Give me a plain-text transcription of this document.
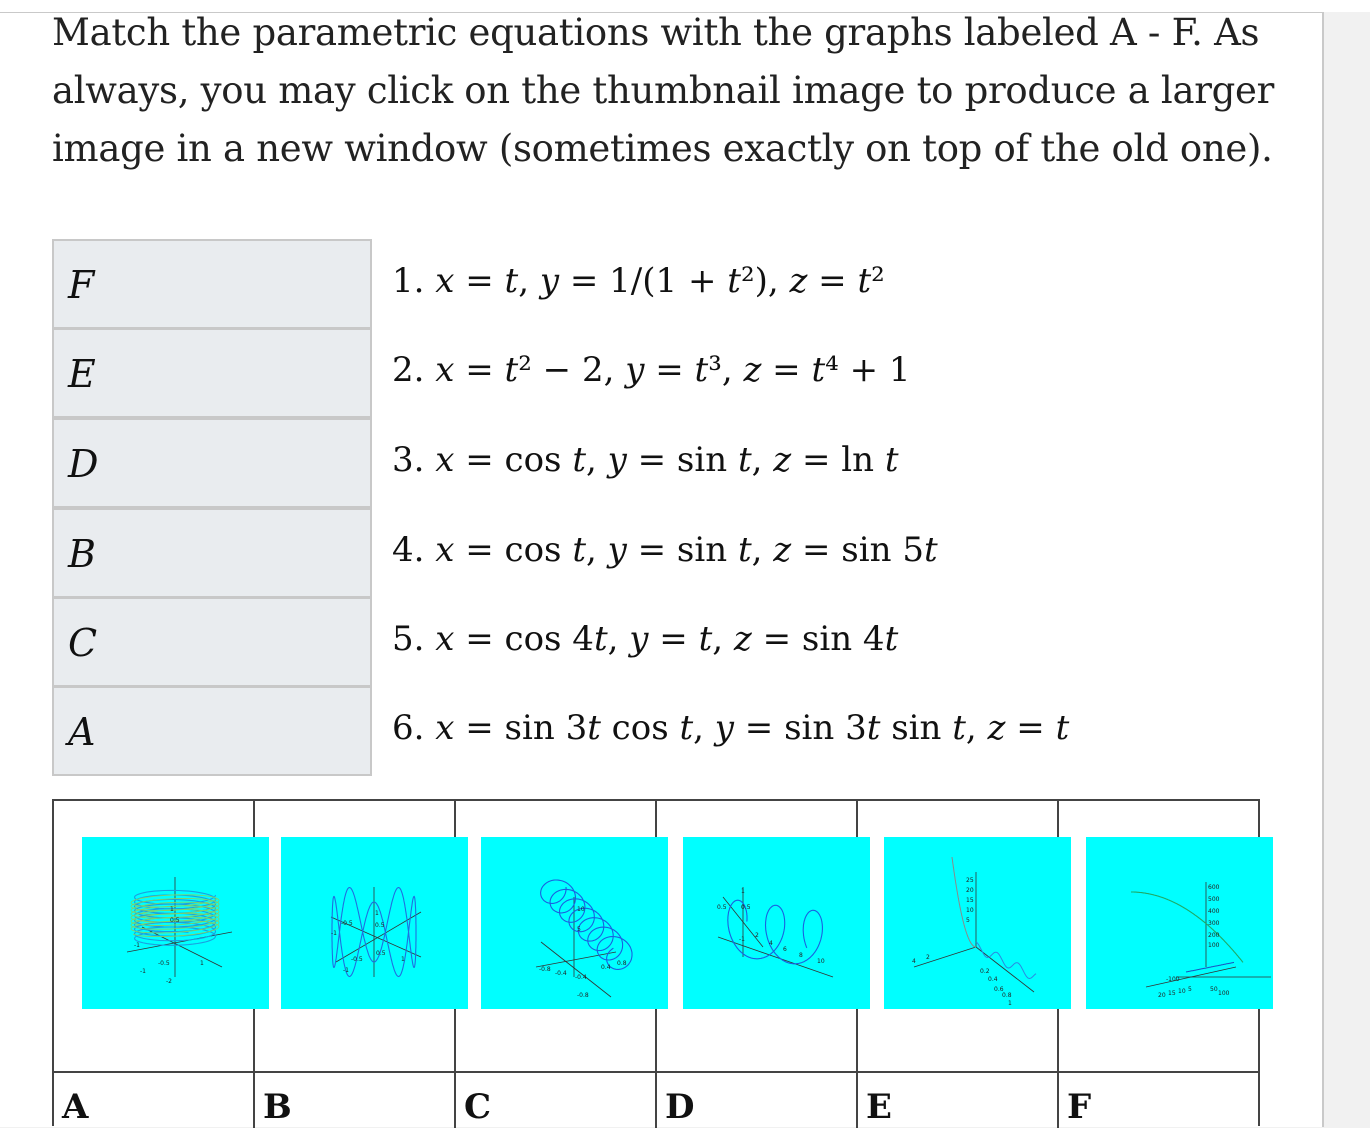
Match the parametric equations with the graphs labeled A - F. As always, you may click on the thumbnail image to produce a larger image in a new window (sometimes exactly on top of the old one).
F	1. x = t, y = 1/(1 + t²), z = t²
E	2. x = t² − 2, y = t³, z = t⁴ + 1
D	3. x = cos t, y = sin t, z = ln t
B	4. x = cos t, y = sin t, z = sin 5t
C	5. x = cos 4t, y = t, z = sin 4t
A	6. x = sin 3t cos t, y = sin 3t sin t, z = t
1
0.5
-1
-0.5
-1
1
-2
A
1
0.5
-0.5
-1
0.5
1
-0.5
-1
B
10
5
-0.8
-0.4
0.4
0.8
-0.4
-0.8
C
1
0.5
-1
2
4
6
8
10
0.5
D
25
20
15
10
5
4
2
0.2
0.4
0.6
0.8
1
E
600
500
400
300
200
100
-100
20 15 10 5	50
100
F
